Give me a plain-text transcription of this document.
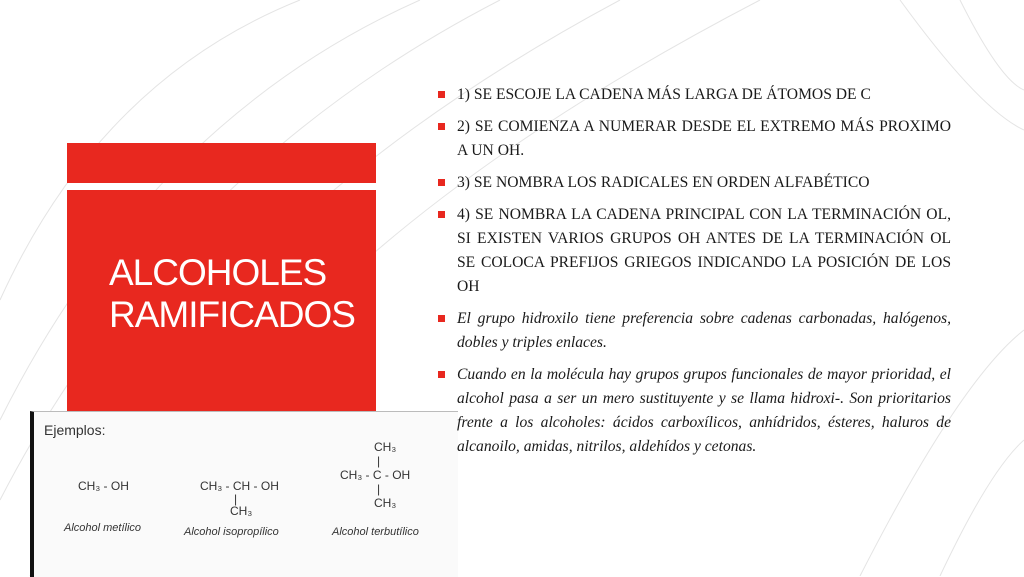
ALCOHOLES
RAMIFICADOS
Ejemplos:
CH₃ - OH
Alcohol metílico
CH₃ - CH - OH
|
CH₃
Alcohol isopropílico
CH₃
|
CH₃ - C - OH
|
CH₃
Alcohol terbutílico
1) SE ESCOJE LA CADENA MÁS LARGA DE ÁTOMOS DE C
2) SE COMIENZA A NUMERAR DESDE EL EXTREMO MÁS PROXIMO A UN OH.
3) SE NOMBRA LOS RADICALES EN ORDEN ALFABÉTICO
4) SE NOMBRA LA CADENA PRINCIPAL CON LA TERMINACIÓN OL, SI EXISTEN VARIOS GRUPOS OH ANTES DE LA TERMINACIÓN OL SE COLOCA PREFIJOS GRIEGOS INDICANDO LA POSICIÓN DE LOS OH
El grupo hidroxilo tiene preferencia sobre cadenas carbonadas, halógenos, dobles y triples enlaces.
Cuando en la molécula hay grupos grupos funcionales de mayor prioridad, el alcohol pasa a ser un mero sustituyente y se llama hidroxi-. Son prioritarios frente a los alcoholes: ácidos carboxílicos, anhídridos, ésteres, haluros de alcanoilo, amidas, nitrilos, aldehídos y cetonas.
